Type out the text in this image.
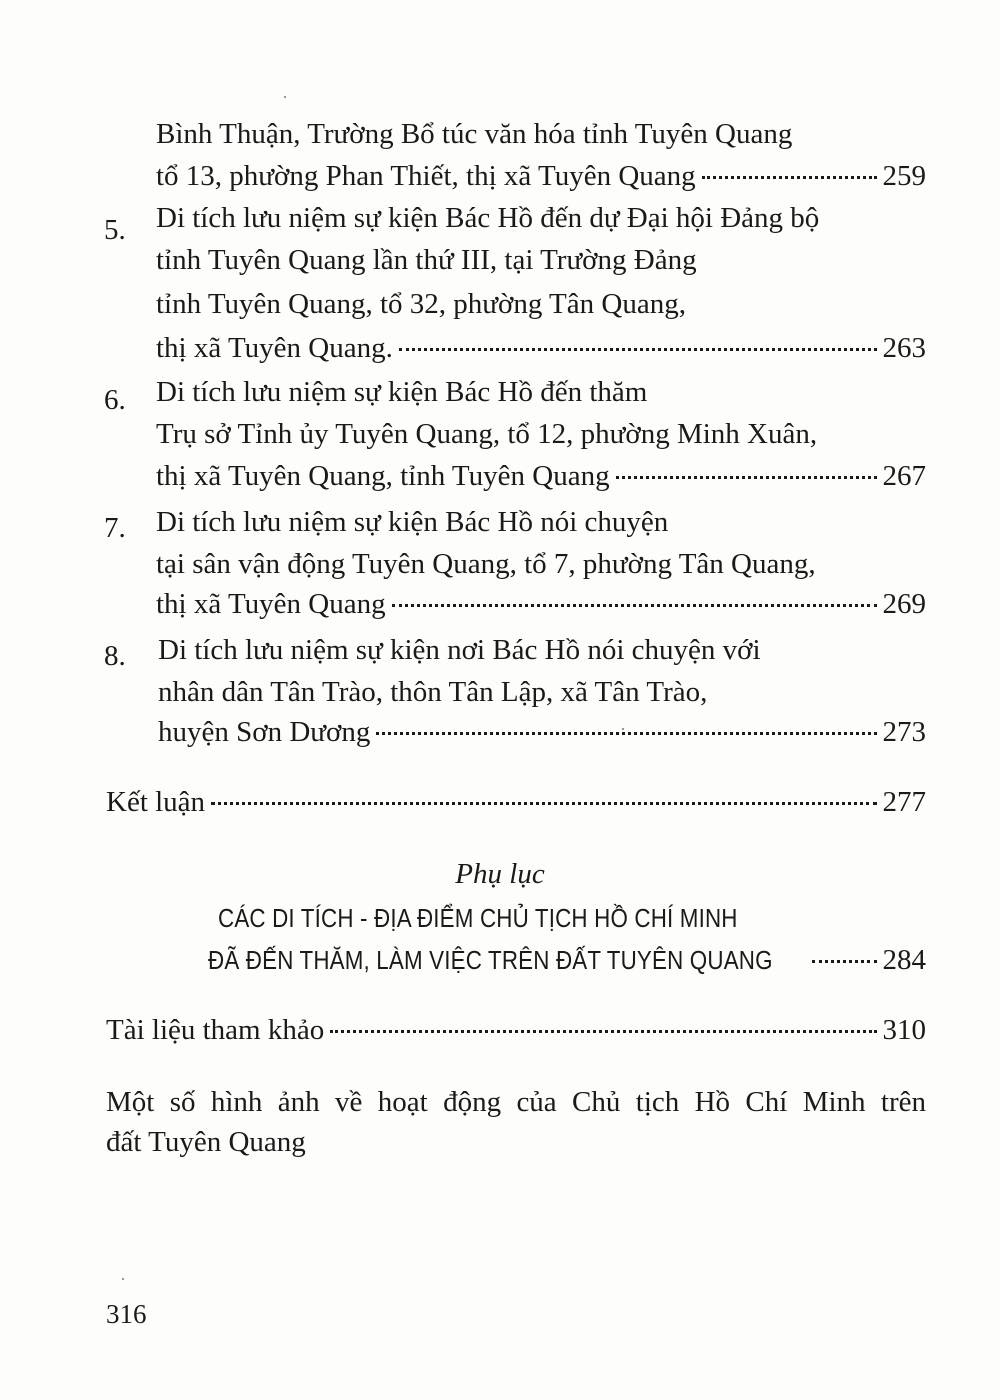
Bình Thuận, Trường Bổ túc văn hóa tỉnh Tuyên Quang
tổ 13, phường Phan Thiết, thị xã Tuyên Quang	259
5. Di tích lưu niệm sự kiện Bác Hồ đến dự Đại hội Đảng bộ
tỉnh Tuyên Quang lần thứ III, tại Trường Đảng
tỉnh Tuyên Quang, tổ 32, phường Tân Quang,
thị xã Tuyên Quang.	263
6. Di tích lưu niệm sự kiện Bác Hồ đến thăm
Trụ sở Tỉnh ủy Tuyên Quang, tổ 12, phường Minh Xuân,
thị xã Tuyên Quang, tỉnh Tuyên Quang	267
7. Di tích lưu niệm sự kiện Bác Hồ nói chuyện
tại sân vận động Tuyên Quang, tổ 7, phường Tân Quang,
thị xã Tuyên Quang	269
8. Di tích lưu niệm sự kiện nơi Bác Hồ nói chuyện với
nhân dân Tân Trào, thôn Tân Lập, xã Tân Trào,
huyện Sơn Dương	273
Kết luận	277
Phụ lục
CÁC DI TÍCH - ĐỊA ĐIỂM CHỦ TỊCH HỒ CHÍ MINH
ĐÃ ĐẾN THĂM, LÀM VIỆC TRÊN ĐẤT TUYÊN QUANG	284
Tài liệu tham khảo	310
Một số hình ảnh về hoạt động của Chủ tịch Hồ Chí Minh trên
đất Tuyên Quang
316
